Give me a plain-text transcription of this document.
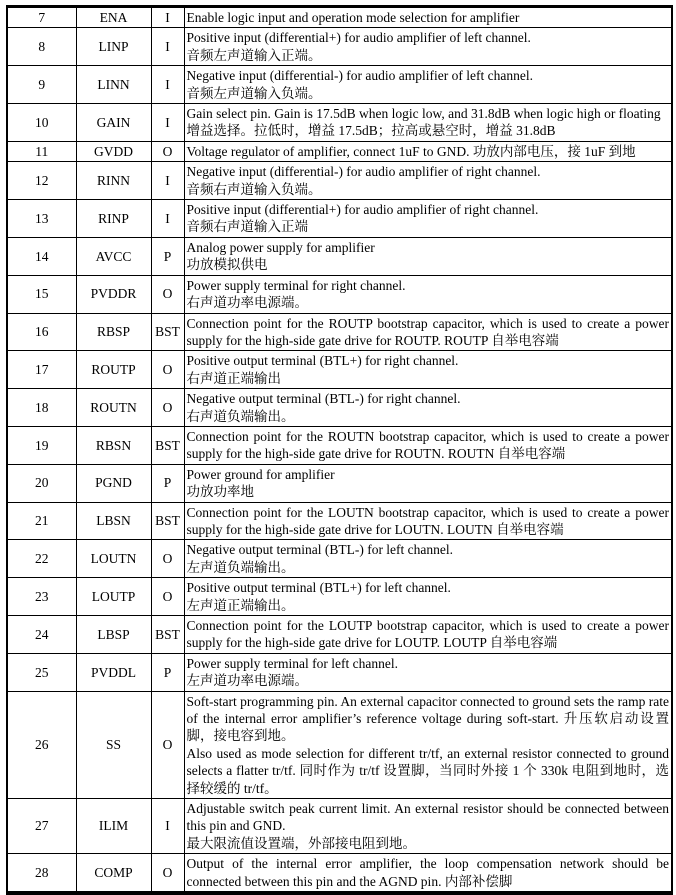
7	ENA	I	Enable logic input and operation mode selection for amplifier

8	LINP	I	Positive input (differential+) for audio amplifier of left channel.

音频左声道输入正端。

9	LINN	I	Negative input (differential-) for audio amplifier of left channel.

音频左声道输入负端。

10	GAIN	I	Gain select pin. Gain is 17.5dB when logic low, and 31.8dB when logic high or floating

增益选择。拉低时，增益 17.5dB；拉高或悬空时，增益 31.8dB

11	GVDD	O	Voltage regulator of amplifier, connect 1uF to GND. 功放内部电压，接 1uF 到地

12	RINN	I	Negative input (differential-) for audio amplifier of right channel.

音频右声道输入负端。

13	RINP	I	Positive input (differential+) for audio amplifier of right channel.

音频右声道输入正端

14	AVCC	P	Analog power supply for amplifier

功放模拟供电

15	PVDDR	O	Power supply terminal for right channel.

右声道功率电源端。

16	RBSP	BST	Connection point for the ROUTP bootstrap capacitor, which is used to create a power supply for the high-side gate drive for ROUTP. ROUTP 自举电容端

17	ROUTP	O	Positive output terminal (BTL+) for right channel.

右声道正端输出

18	ROUTN	O	Negative output terminal (BTL-) for right channel.

右声道负端输出。

19	RBSN	BST	Connection point for the ROUTN bootstrap capacitor, which is used to create a power supply for the high-side gate drive for ROUTN. ROUTN 自举电容端

20	PGND	P	Power ground for amplifier

功放功率地

21	LBSN	BST	Connection point for the LOUTN bootstrap capacitor, which is used to create a power supply for the high-side gate drive for LOUTN. LOUTN 自举电容端

22	LOUTN	O	Negative output terminal (BTL-) for left channel.

左声道负端输出。

23	LOUTP	O	Positive output terminal (BTL+) for left channel.

左声道正端输出。

24	LBSP	BST	Connection point for the LOUTP bootstrap capacitor, which is used to create a power supply for the high-side gate drive for LOUTP. LOUTP 自举电容端

25	PVDDL	P	Power supply terminal for left channel.

左声道功率电源端。

26	SS	O	Soft-start programming pin. An external capacitor connected to ground sets the ramp rate of the internal error amplifier’s reference voltage during soft-start. 升压软启动设置脚，接电容到地。

Also used as mode selection for different tr/tf, an external resistor connected to ground selects a flatter tr/tf. 同时作为 tr/tf 设置脚，当同时外接 1 个 330k 电阻到地时，选择较缓的 tr/tf。

27	ILIM	I	Adjustable switch peak current limit. An external resistor should be connected between this pin and GND.

最大限流值设置端，外部接电阻到地。

28	COMP	O	Output of the internal error amplifier, the loop compensation network should be connected between this pin and the AGND pin. 内部补偿脚
